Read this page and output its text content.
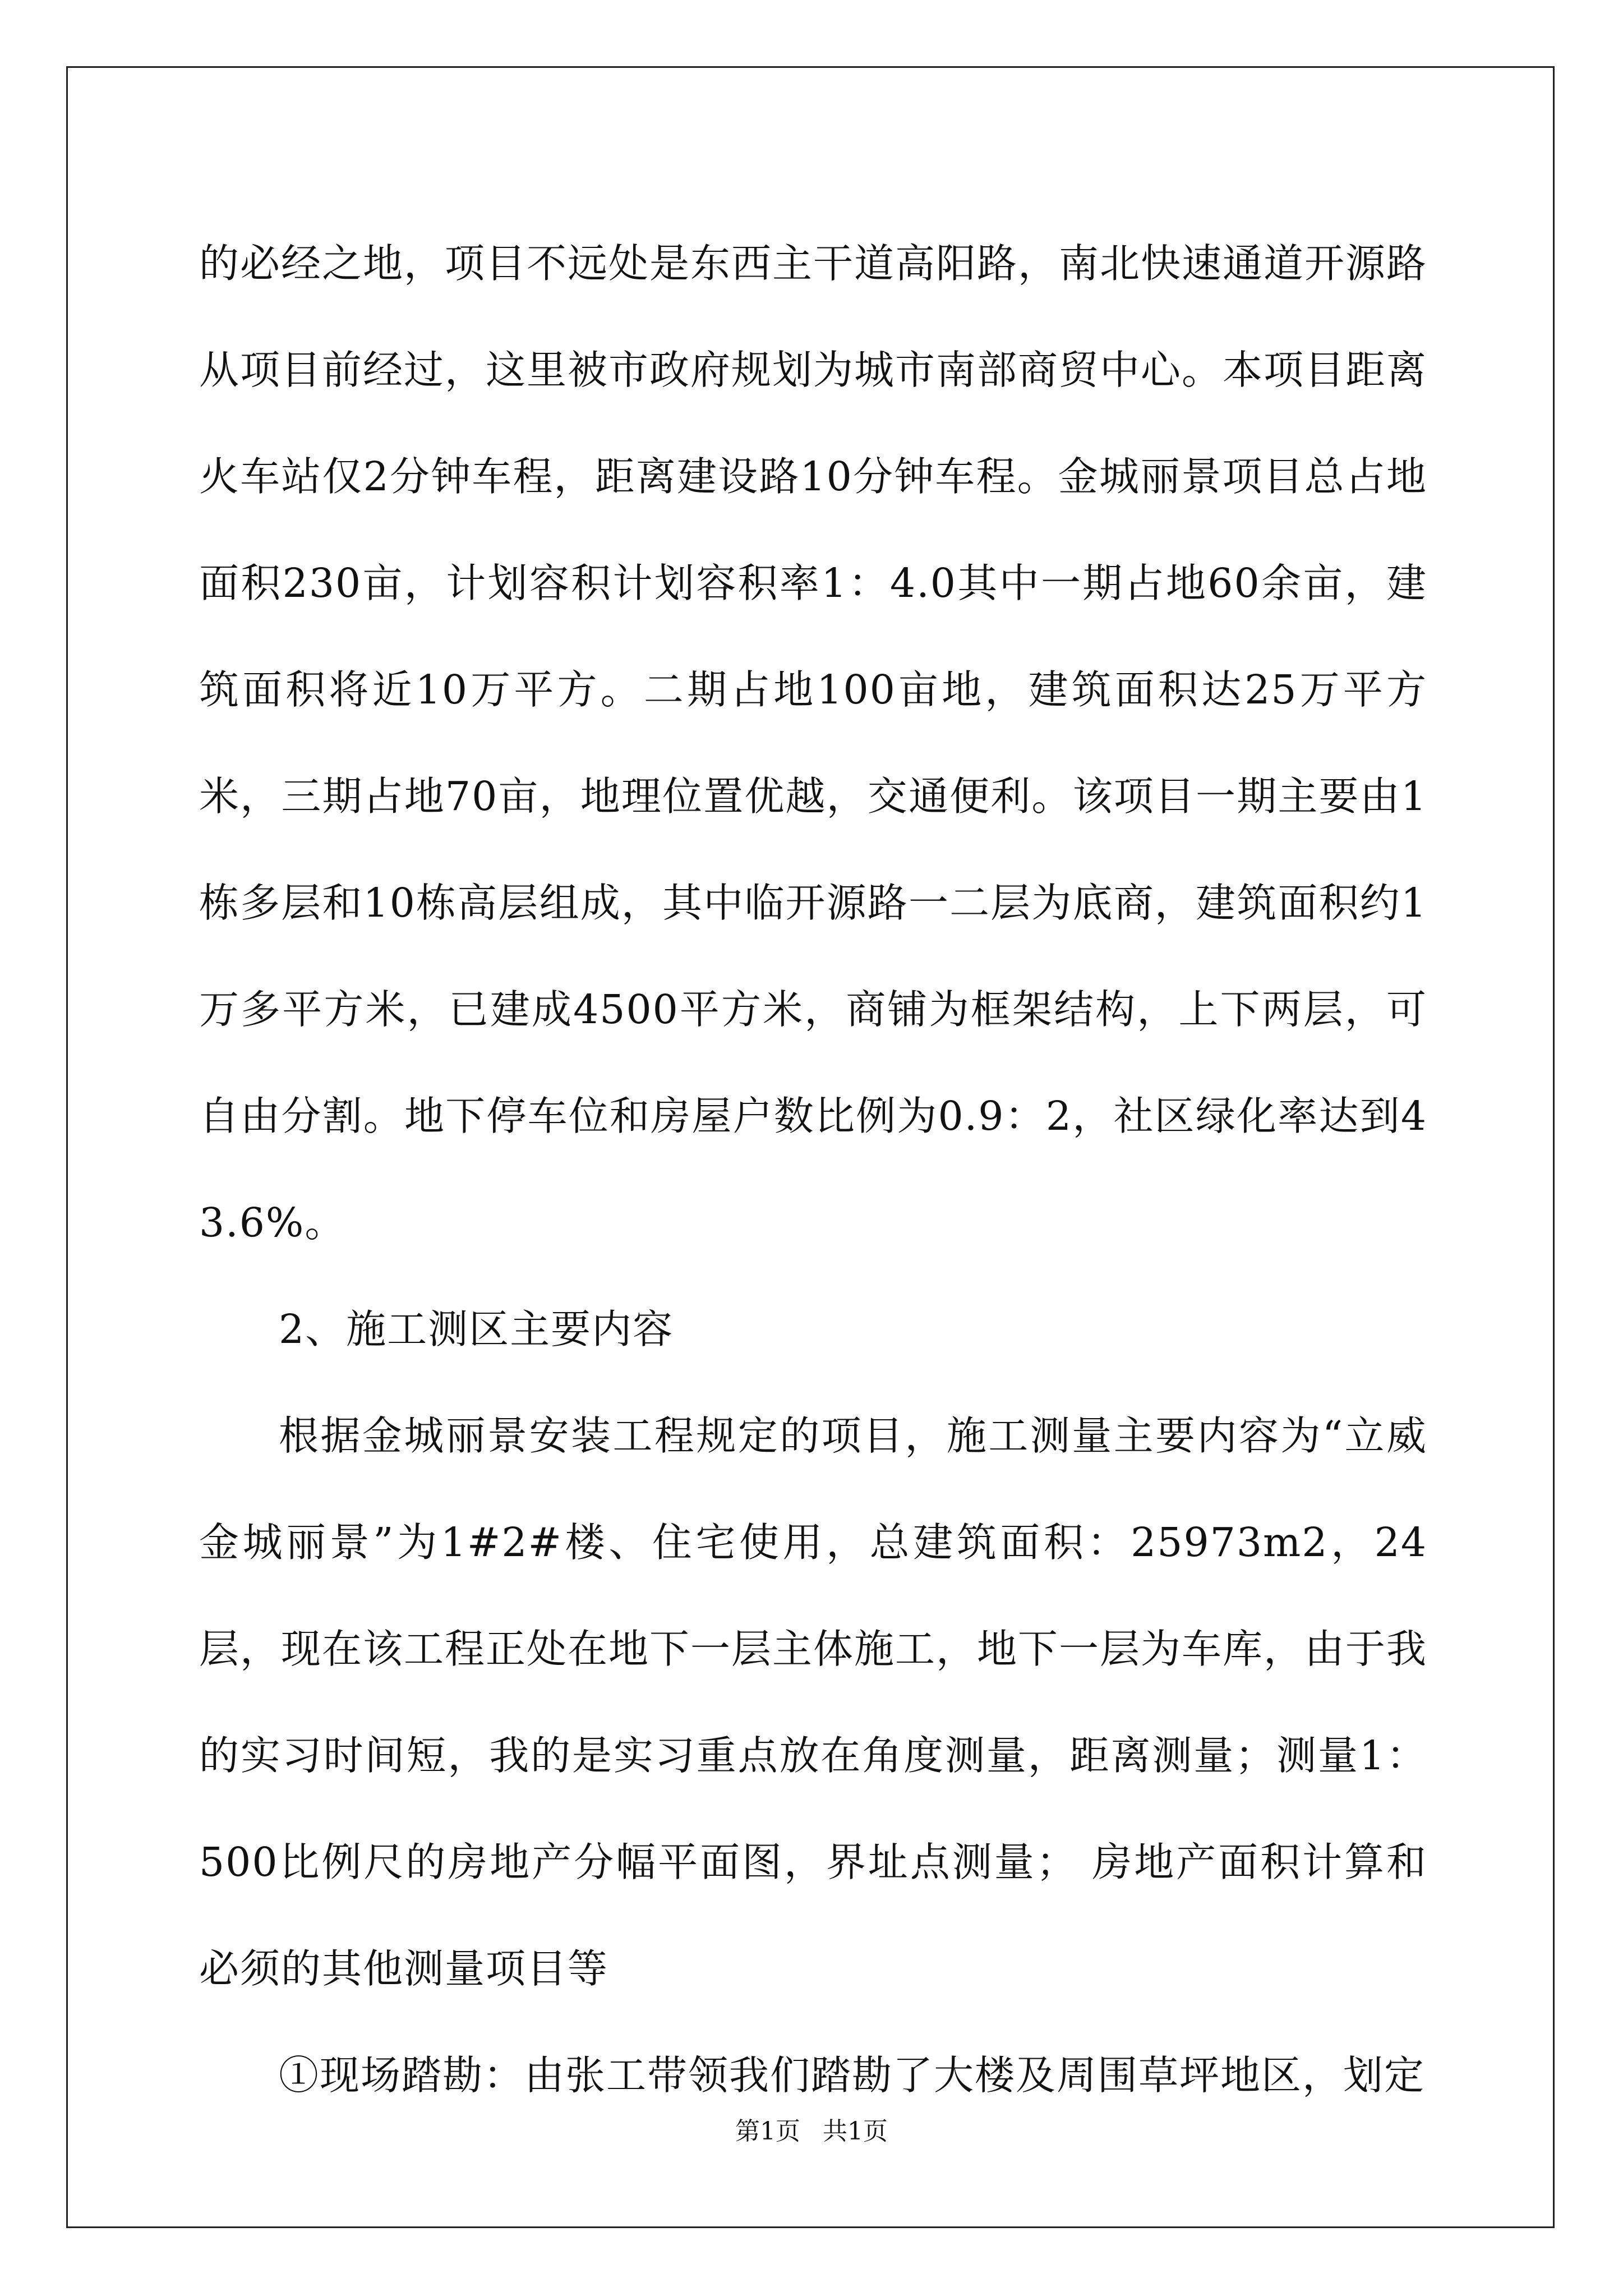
的必经之地，项目不远处是东西主干道高阳路，南北快速通道开源路从项目前经过，这里被市政府规划为城市南部商贸中心。本项目距离火车站仅2分钟车程，距离建设路10分钟车程。金城丽景项目总占地面积230亩，计划容积计划容积率1：4.0其中一期占地60余亩，建筑面积将近10万平方。二期占地100亩地，建筑面积达25万平方米，三期占地70亩，地理位置优越，交通便利。该项目一期主要由1栋多层和10栋高层组成，其中临开源路一二层为底商，建筑面积约1万多平方米，已建成4500平方米，商铺为框架结构，上下两层，可自由分割。地下停车位和房屋户数比例为0.9：2，社区绿化率达到43.6%。

2、施工测区主要内容

根据金城丽景安装工程规定的项目，施工测量主要内容为“立威金城丽景”为1#2#楼、住宅使用，总建筑面积：25973m2，24层，现在该工程正处在地下一层主体施工，地下一层为车库，由于我的实习时间短，我的是实习重点放在角度测量，距离测量；测量1：500比例尺的房地产分幅平面图，界址点测量； 房地产面积计算和必须的其他测量项目等

①现场踏勘：由张工带领我们踏勘了大楼及周围草坪地区，划定

第1页 共1页
